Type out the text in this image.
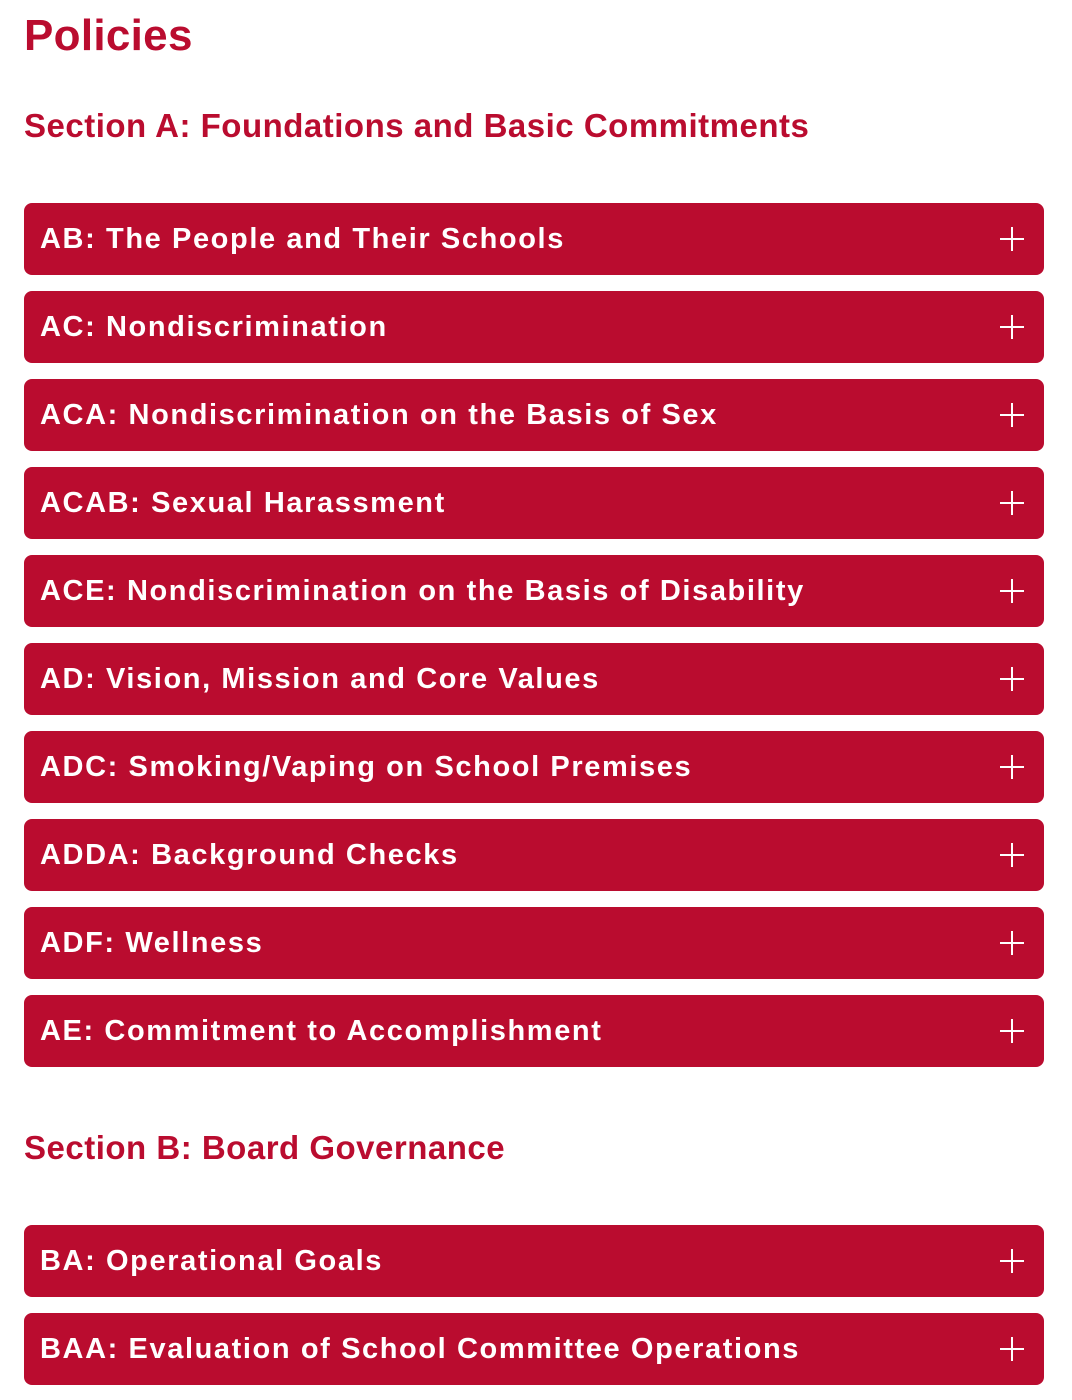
Policies
Section A: Foundations and Basic Commitments
AB: The People and Their Schools
AC: Nondiscrimination
ACA: Nondiscrimination on the Basis of Sex
ACAB: Sexual Harassment
ACE: Nondiscrimination on the Basis of Disability
AD: Vision, Mission and Core Values
ADC: Smoking/Vaping on School Premises
ADDA: Background Checks
ADF: Wellness
AE: Commitment to Accomplishment
Section B: Board Governance
BA: Operational Goals
BAA: Evaluation of School Committee Operations
